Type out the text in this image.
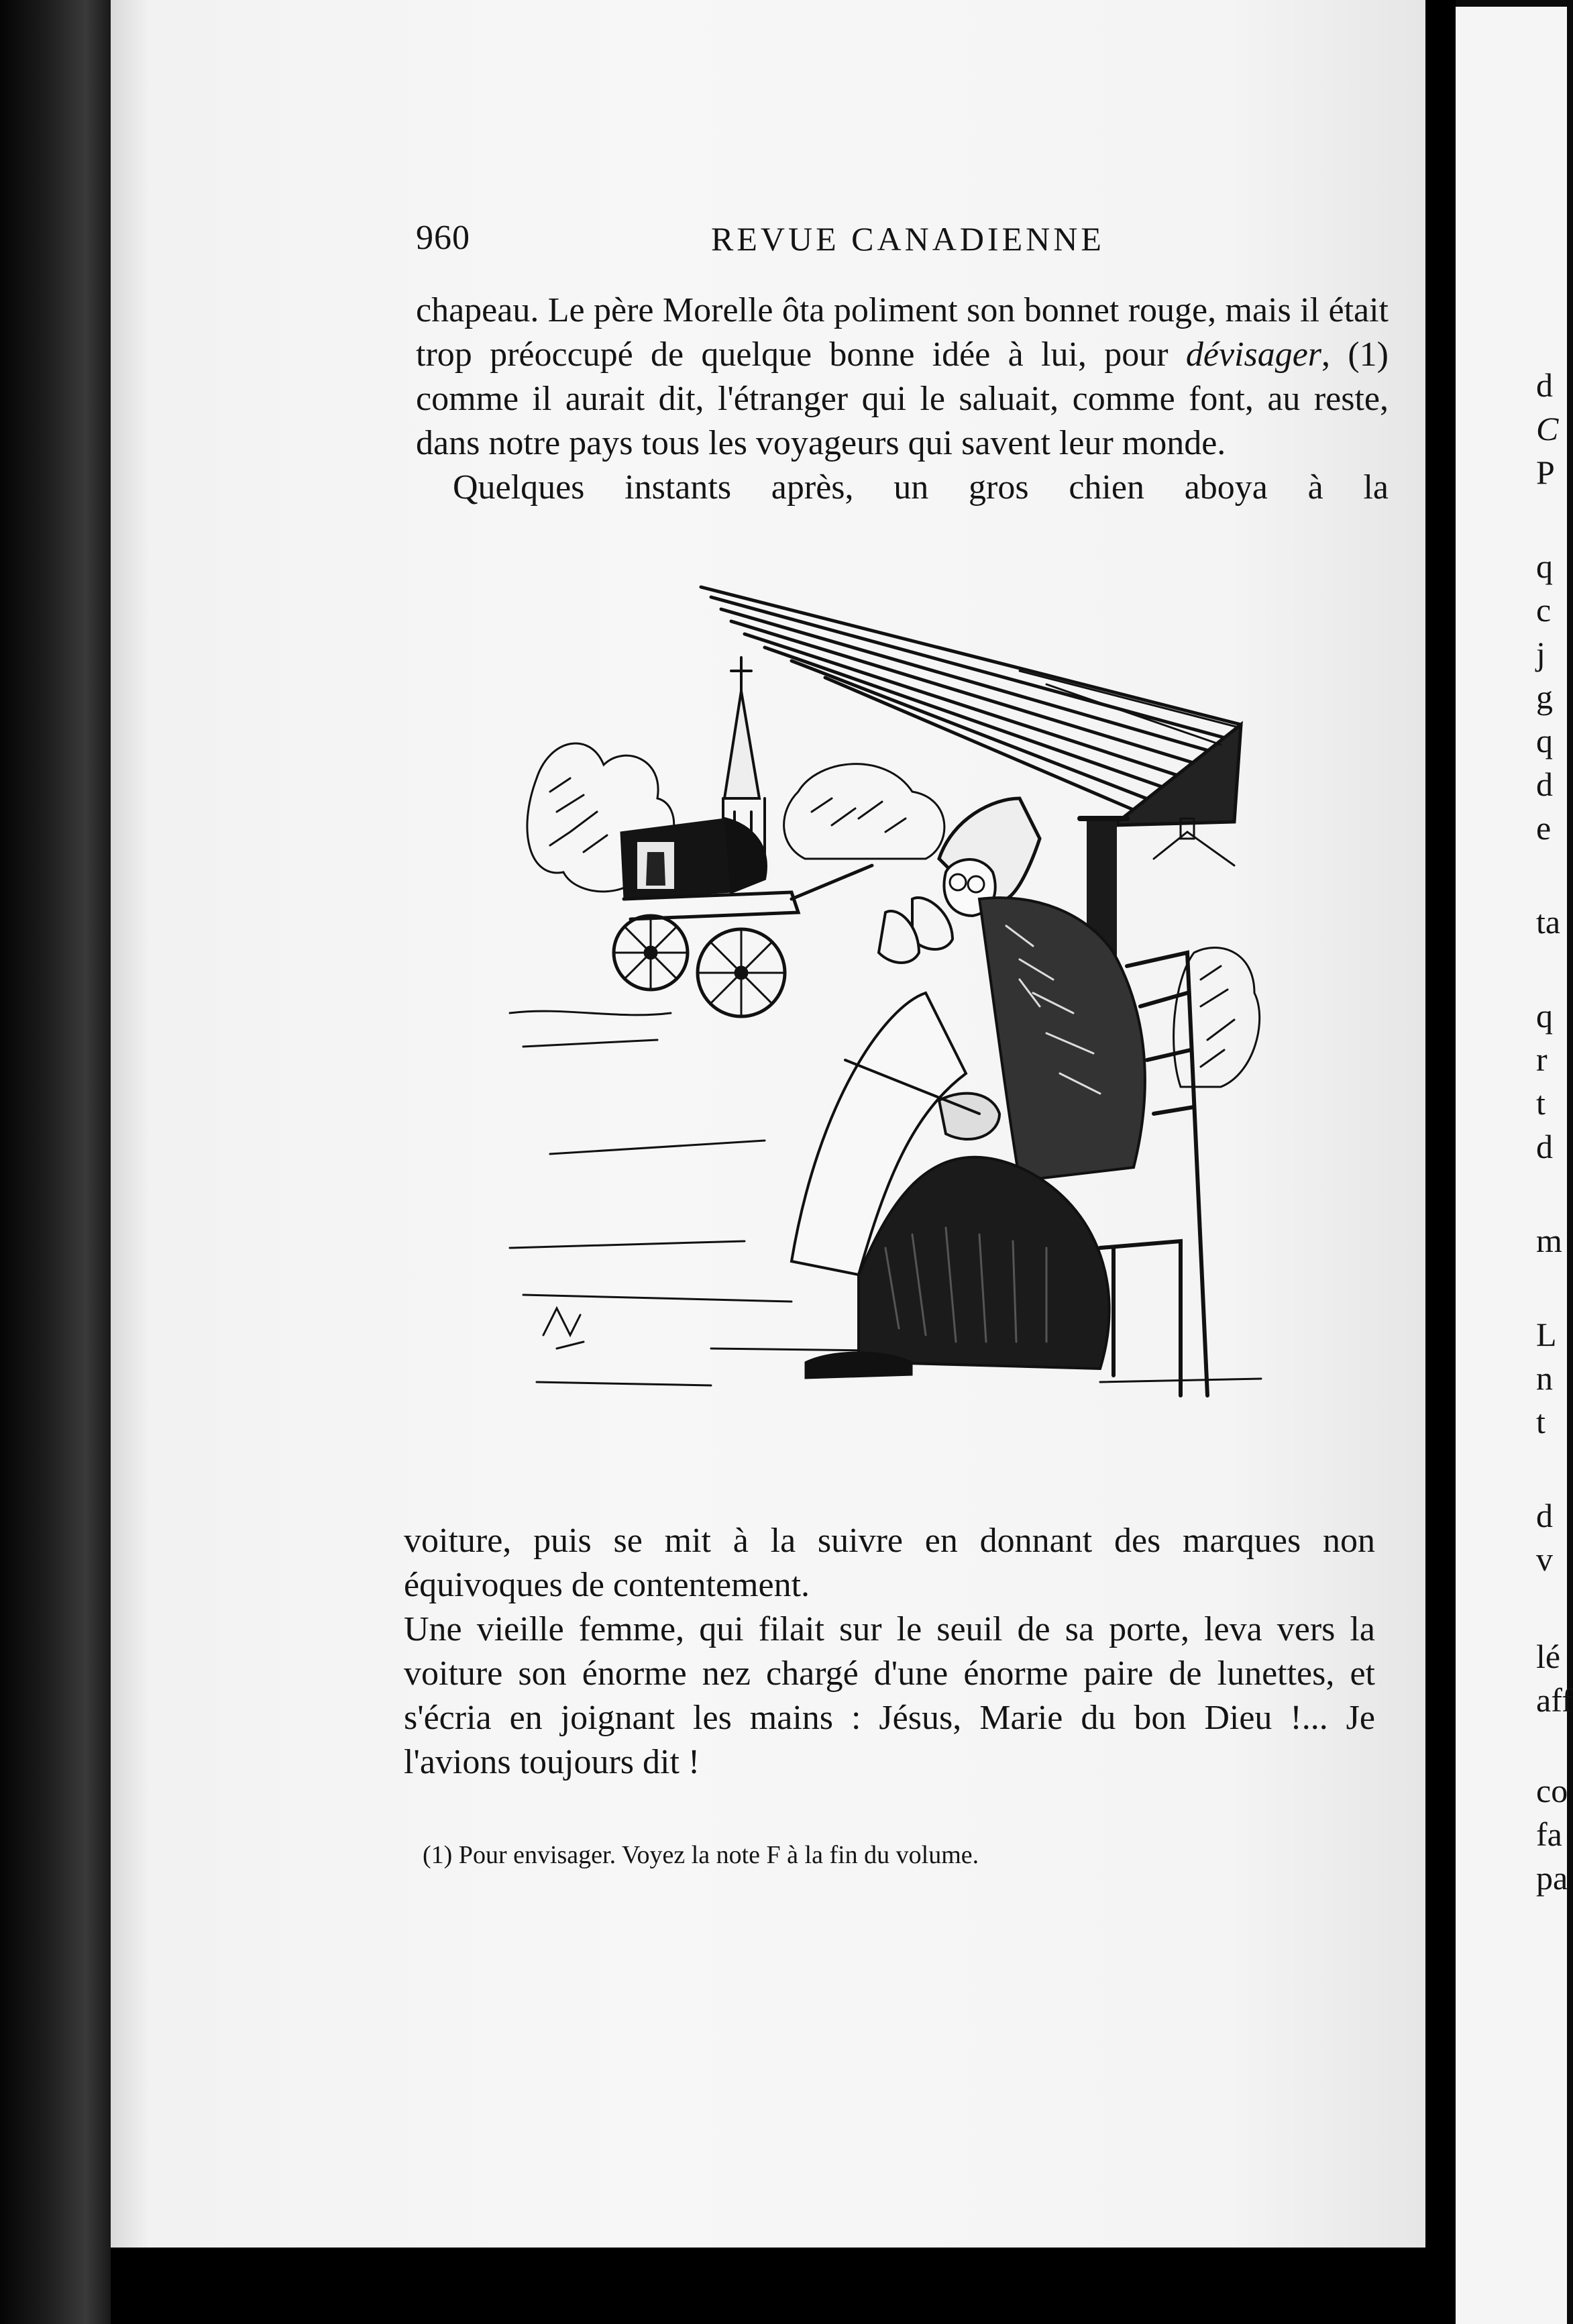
960	REVUE CANADIENNE

chapeau. Le père Morelle ôta poliment son bonnet rouge, mais il était trop préoccupé de quelque bonne idée à lui, pour dévisager, (1) comme il aurait dit, l'étranger qui le saluait, comme font, au reste, dans notre pays tous les voyageurs qui savent leur monde.

Quelques instants après, un gros chien aboya à la

voiture, puis se mit à la suivre en donnant des marques non équivoques de contentement.

Une vieille femme, qui filait sur le seuil de sa porte, leva vers la voiture son énorme nez chargé d'une énorme paire de lunettes, et s'écria en joignant les mains : Jésus, Marie du bon Dieu !... Je l'avions toujours dit !

(1) Pour envisager. Voyez la note F à la fin du volume.
d
C
P
q
c
j
g
q
d
e
ta
q
r
t
d
m
L
n
t
d
v
lé
aff
co
fa
pa
